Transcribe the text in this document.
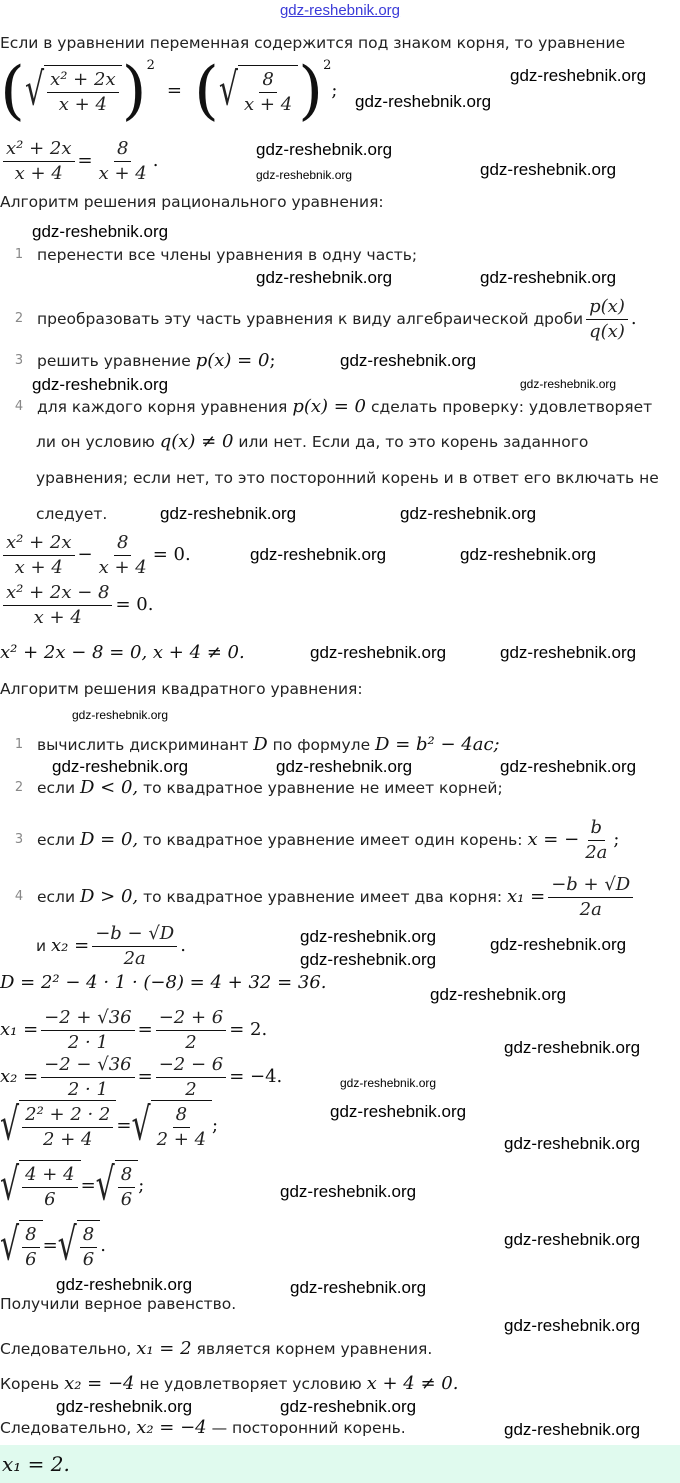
gdz-reshebnik.org
Если в уравнении переменная содержится под знаком корня, то уравнение
( √ $\frac{\text{x² + 2x}}{x + 4} )^2$
= ( √ $\frac{8}{x + 4} )^2$
;
$\frac{\text{x² + 2x}}{x + 4} = \frac{8}{x + 4}$ .
Алгоритм решения рационального уравнения:
1 перенести все члены уравнения в одну часть;
2 преобразовать эту часть уравнения к виду алгебраической дроби $\frac{p(x)}{q(x)}$ .
3 решить уравнение
p(x) = 0 ;
4 для каждого корня уравнения
p(x) = 0
сделать проверку: удовлетворяет
ли он условию
q(x) ≠ 0
или нет. Если да, то это корень заданного
уравнения; если нет, то это посторонний корень и в ответ его включать не
следует.
$\frac{\text{x² + 2x}}{x + 4} - \frac{8}{x + 4} = 0$.
$\frac{\text{x² + 2x − 8}}{x + 4} = 0$.
x² + 2x − 8 = 0, x + 4 ≠ 0.
Алгоритм решения квадратного уравнения:
1 вычислить дискриминант
D
по формуле
D = b² − 4ac;
2 если
D < 0,
то квадратное уравнение не имеет корней;
3 если
D = 0,
то квадратное уравнение имеет один корень:
x = − $\frac{b}{2a}$ ;
4 если
D > 0,
то квадратное уравнение имеет два корня:
$x_1 = \frac{-b + √D}{2a}$
и
$x_2 = \frac{-b - √D}{2a}$ .
D = 2² − 4 · 1 · (−8) = 4 + 32 = 36.
$x_1 = \frac{-2 + √36}{2 \cdot 1} = \frac{-2 + 6}{2} = 2$.
$x_2 = \frac{-2 - √36}{2 \cdot 1} = \frac{-2 - 6}{2} = -4$.
√ $\frac{\text{2² + 2 · 2}}{2 + 4}$ = √ $\frac{8}{2 + 4}$ ;
√ $\frac{4 + 4}{6}$ = √ $\frac{8}{6}$ ;
√ $\frac{8}{6}$ = √ $\frac{8}{6}$ .
Получили верное равенство.
Следовательно,
x₁ = 2
является корнем уравнения.
Корень
x₂ = −4
не удовлетворяет условию
x + 4 ≠ 0.
Следовательно,
x₂ = −4
— посторонний корень.
x₁ = 2.
gdz-reshebnik.org
gdz-reshebnik.org
gdz-reshebnik.org
gdz-reshebnik.org	gdz-reshebnik.org
gdz-reshebnik.org
gdz-reshebnik.org	gdz-reshebnik.org
gdz-reshebnik.org
gdz-reshebnik.org
gdz-reshebnik.org
gdz-reshebnik.org	gdz-reshebnik.org
gdz-reshebnik.org	gdz-reshebnik.org
gdz-reshebnik.org	gdz-reshebnik.org
gdz-reshebnik.org
gdz-reshebnik.org	gdz-reshebnik.org
gdz-reshebnik.org
gdz-reshebnik.org
gdz-reshebnik.org
gdz-reshebnik.org
gdz-reshebnik.org
gdz-reshebnik.org
gdz-reshebnik.org
gdz-reshebnik.org
gdz-reshebnik.org
gdz-reshebnik.org
gdz-reshebnik.org
gdz-reshebnik.org	gdz-reshebnik.org
gdz-reshebnik.org
gdz-reshebnik.org	gdz-reshebnik.org
gdz-reshebnik.org
